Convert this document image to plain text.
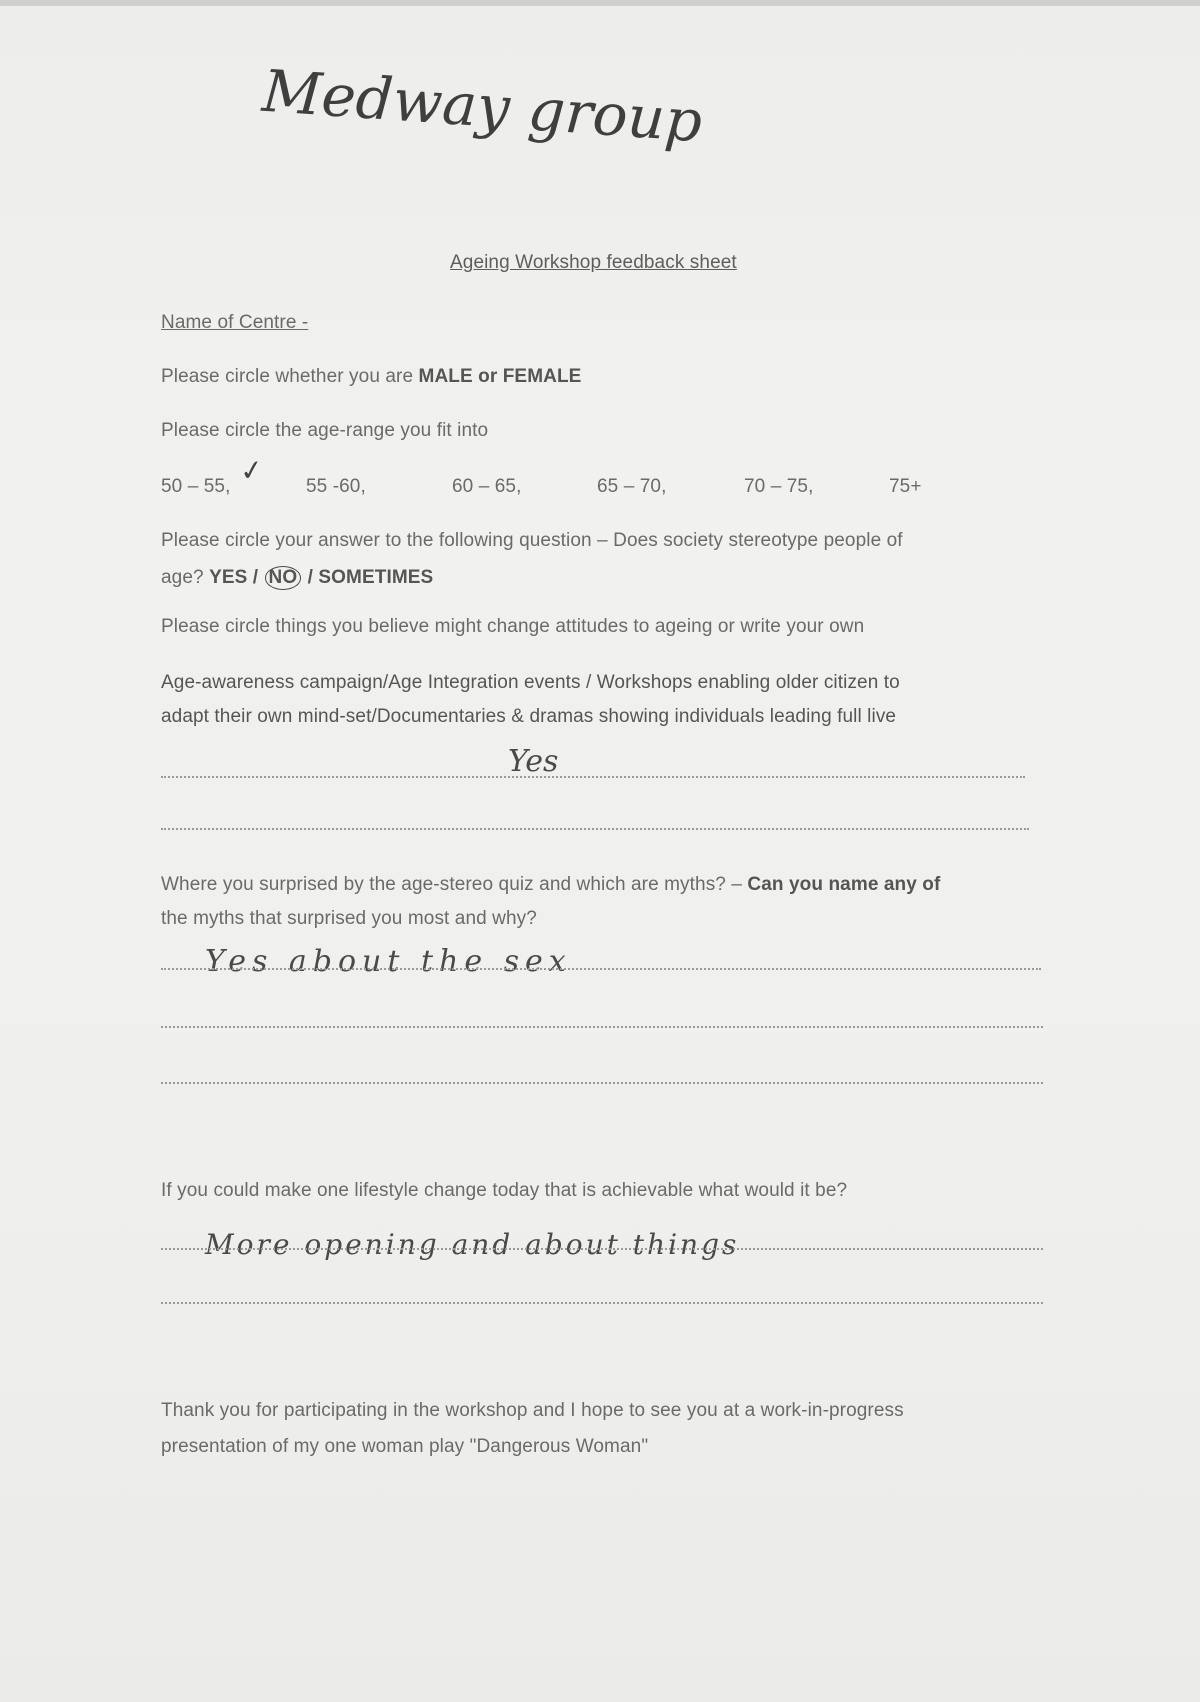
Medway group
Ageing Workshop feedback sheet
Name of Centre -
Please circle whether you are MALE or FEMALE
Please circle the age-range you fit into
50 – 55, ✓ 55 -60,	60 – 65,	65 – 70,	70 – 75,	75+
Please circle your answer to the following question – Does society stereotype people of
age? YES / NO / SOMETIMES
Please circle things you believe might change attitudes to ageing or write your own
Age-awareness campaign/Age Integration events / Workshops enabling older citizen to
adapt their own mind-set/Documentaries & dramas showing individuals leading full live
Yes
Where you surprised by the age-stereo quiz and which are myths? – Can you name any of
the myths that surprised you most and why?
Yes about the sex
If you could make one lifestyle change today that is achievable what would it be?
More opening and about things
Thank you for participating in the workshop and I hope to see you at a work-in-progress
presentation of my one woman play "Dangerous Woman"
